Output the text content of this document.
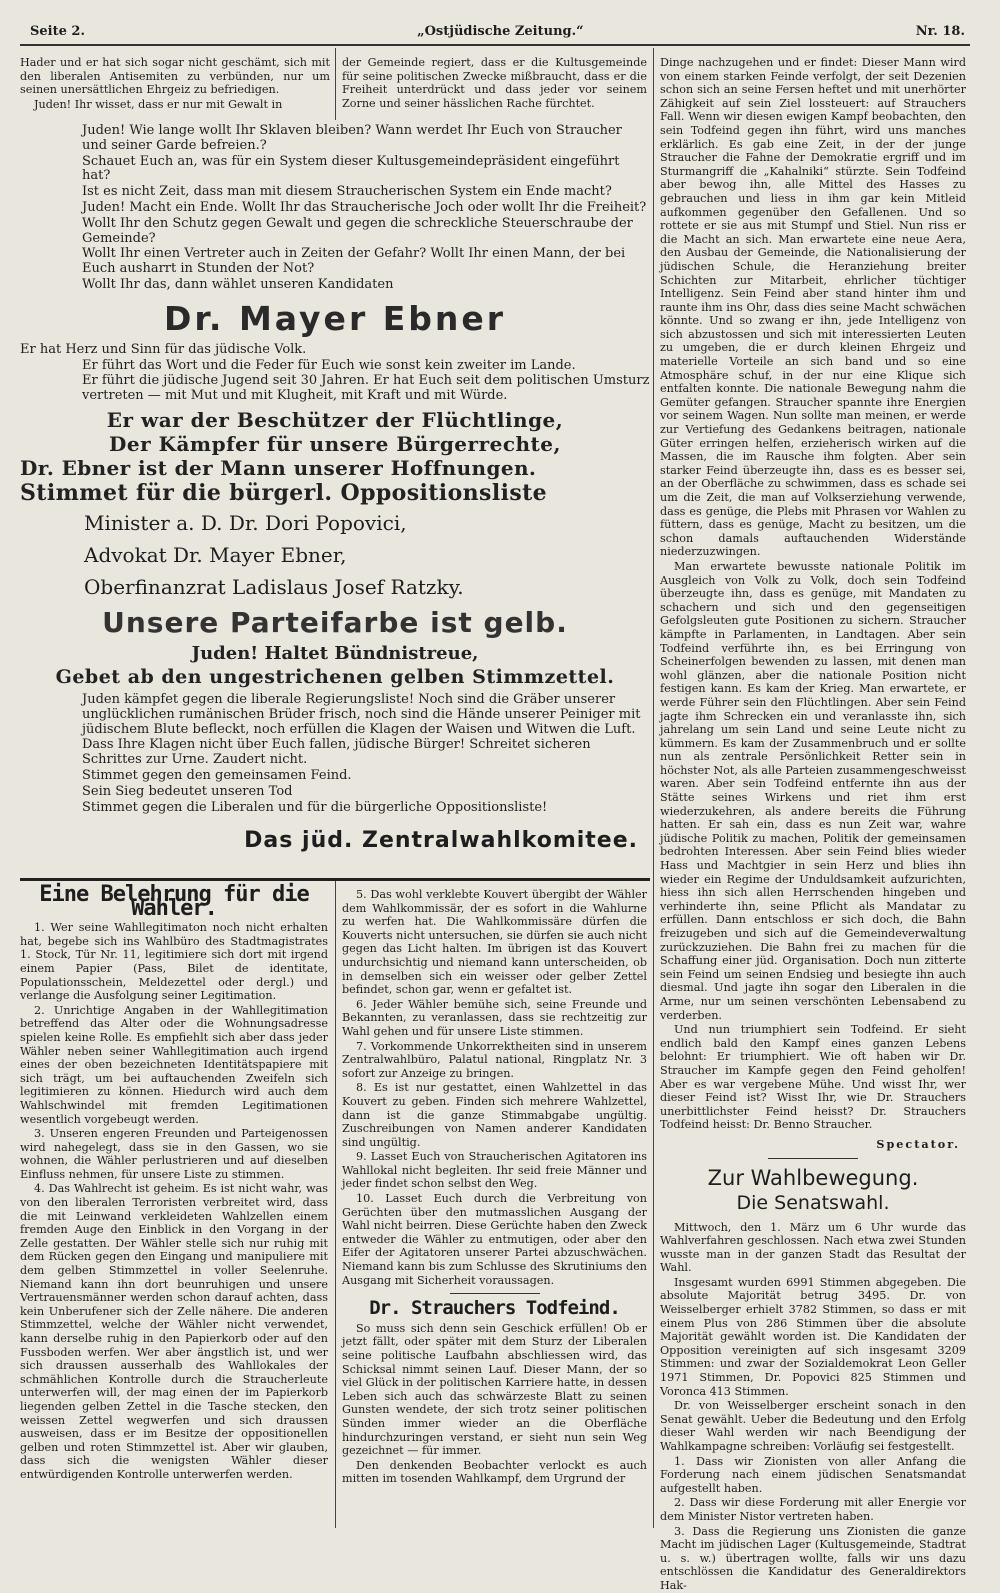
Seite 2.	„Ostjüdische Zeitung.“	Nr. 18.

Hader und er hat sich sogar nicht geschämt, sich mit den liberalen Antisemiten zu verbünden, nur um seinen unersättlichen Ehrgeiz zu befriedigen.

Juden! Ihr wisset, dass er nur mit Gewalt in

der Gemeinde regiert, dass er die Kultusgemeinde für seine politischen Zwecke mißbraucht, dass er die Freiheit unterdrückt und dass jeder vor seinem Zorne und seiner hässlichen Rache fürchtet.

Juden! Wie lange wollt Ihr Sklaven bleiben? Wann werdet Ihr Euch von Straucher und seiner Garde befreien.?

Schauet Euch an, was für ein System dieser Kultusgemeindepräsident eingeführt hat?

Ist es nicht Zeit, dass man mit diesem Straucherischen System ein Ende macht?

Juden! Macht ein Ende. Wollt Ihr das Straucherische Joch oder wollt Ihr die Freiheit?

Wollt Ihr den Schutz gegen Gewalt und gegen die schreckliche Steuerschraube der Gemeinde?

Wollt Ihr einen Vertreter auch in Zeiten der Gefahr? Wollt Ihr einen Mann, der bei Euch ausharrt in Stunden der Not?

Wollt Ihr das, dann wählet unseren Kandidaten

Dr. Mayer Ebner

Er hat Herz und Sinn für das jüdische Volk.

Er führt das Wort und die Feder für Euch wie sonst kein zweiter im Lande.

Er führt die jüdische Jugend seit 30 Jahren. Er hat Euch seit dem politischen Umsturz vertreten — mit Mut und mit Klugheit, mit Kraft und mit Würde.

Er war der Beschützer der Flüchtlinge,
Der Kämpfer für unsere Bürgerrechte,
Dr. Ebner ist der Mann unserer Hoffnungen.
Stimmet für die bürgerl. Oppositionsliste
Minister a. D. Dr. Dori Popovici,
Advokat Dr. Mayer Ebner,
Oberfinanzrat Ladislaus Josef Ratzky.
Unsere Parteifarbe ist gelb.
Juden! Haltet Bündnistreue,
Gebet ab den ungestrichenen gelben Stimmzettel.

Juden kämpfet gegen die liberale Regierungsliste! Noch sind die Gräber unserer unglücklichen rumänischen Brüder frisch, noch sind die Hände unserer Peiniger mit jüdischem Blute befleckt, noch erfüllen die Klagen der Waisen und Witwen die Luft.

Dass Ihre Klagen nicht über Euch fallen, jüdische Bürger! Schreitet sicheren Schrittes zur Urne. Zaudert nicht.

Stimmet gegen den gemeinsamen Feind.

Sein Sieg bedeutet unseren Tod

Stimmet gegen die Liberalen und für die bürgerliche Oppositionsliste!

Das jüd. Zentralwahlkomitee.
Eine Belehrung für die Wähler.

1. Wer seine Wahllegitimaton noch nicht erhalten hat, begebe sich ins Wahlbüro des Stadtmagistrates 1. Stock, Tür Nr. 11, legitimiere sich dort mit irgend einem Papier (Pass, Bilet de identitate, Populationsschein, Meldezettel oder dergl.) und verlange die Ausfolgung seiner Legitimation.

2. Unrichtige Angaben in der Wahllegitimation betreffend das Alter oder die Wohnungsadresse spielen keine Rolle. Es empfiehlt sich aber dass jeder Wähler neben seiner Wahllegitimation auch irgend eines der oben bezeichneten Identitätspapiere mit sich trägt, um bei auftauchenden Zweifeln sich legitimieren zu können. Hiedurch wird auch dem Wahlschwindel mit fremden Legitimationen wesentlich vorgebeugt werden.

3. Unseren engeren Freunden und Parteigenossen wird nahegelegt, dass sie in den Gassen, wo sie wohnen, die Wähler perlustrieren und auf dieselben Einfluss nehmen, für unsere Liste zu stimmen.

4. Das Wahlrecht ist geheim. Es ist nicht wahr, was von den liberalen Terroristen verbreitet wird, dass die mit Leinwand verkleideten Wahlzellen einem fremden Auge den Einblick in den Vorgang in der Zelle gestatten. Der Wähler stelle sich nur ruhig mit dem Rücken gegen den Eingang und manipuliere mit dem gelben Stimmzettel in voller Seelenruhe. Niemand kann ihn dort beunruhigen und unsere Vertrauensmänner werden schon darauf achten, dass kein Unberufener sich der Zelle nähere. Die anderen Stimmzettel, welche der Wähler nicht verwendet, kann derselbe ruhig in den Papierkorb oder auf den Fussboden werfen. Wer aber ängstlich ist, und wer sich draussen ausserhalb des Wahllokales der schmählichen Kontrolle durch die Straucherleute unterwerfen will, der mag einen der im Papierkorb liegenden gelben Zettel in die Tasche stecken, den weissen Zettel wegwerfen und sich draussen ausweisen, dass er im Besitze der oppositionellen gelben und roten Stimmzettel ist. Aber wir glauben, dass sich die wenigsten Wähler dieser entwürdigenden Kontrolle unterwerfen werden.

5. Das wohl verklebte Kouvert übergibt der Wähler dem Wahlkommissär, der es sofort in die Wahlurne zu werfen hat. Die Wahlkommissäre dürfen die Kouverts nicht untersuchen, sie dürfen sie auch nicht gegen das Licht halten. Im übrigen ist das Kouvert undurchsichtig und niemand kann unterscheiden, ob in demselben sich ein weisser oder gelber Zettel befindet, schon gar, wenn er gefaltet ist.

6. Jeder Wähler bemühe sich, seine Freunde und Bekannten, zu veranlassen, dass sie rechtzeitig zur Wahl gehen und für unsere Liste stimmen.

7. Vorkommende Unkorrektheiten sind in unserem Zentralwahlbüro, Palatul national, Ringplatz Nr. 3 sofort zur Anzeige zu bringen.

8. Es ist nur gestattet, einen Wahlzettel in das Kouvert zu geben. Finden sich mehrere Wahlzettel, dann ist die ganze Stimmabgabe ungültig. Zuschreibungen von Namen anderer Kandidaten sind ungültig.

9. Lasset Euch von Straucherischen Agitatoren ins Wahllokal nicht begleiten. Ihr seid freie Männer und jeder findet schon selbst den Weg.

10. Lasset Euch durch die Verbreitung von Gerüchten über den mutmasslichen Ausgang der Wahl nicht beirren. Diese Gerüchte haben den Zweck entweder die Wähler zu entmutigen, oder aber den Eifer der Agitatoren unserer Partei abzuschwächen. Niemand kann bis zum Schlusse des Skrutiniums den Ausgang mit Sicherheit voraussagen.

Dr. Strauchers Todfeind.

So muss sich denn sein Geschick erfüllen! Ob er jetzt fällt, oder später mit dem Sturz der Liberalen seine politische Laufbahn abschliessen wird, das Schicksal nimmt seinen Lauf. Dieser Mann, der so viel Glück in der politischen Karriere hatte, in dessen Leben sich auch das schwärzeste Blatt zu seinen Gunsten wendete, der sich trotz seiner politischen Sünden immer wieder an die Oberfläche hindurchzuringen verstand, er sieht nun sein Weg gezeichnet — für immer.

Den denkenden Beobachter verlockt es auch mitten im tosenden Wahlkampf, dem Urgrund der

Dinge nachzugehen und er findet: Dieser Mann wird von einem starken Feinde verfolgt, der seit Dezenien schon sich an seine Fersen heftet und mit unerhörter Zähigkeit auf sein Ziel lossteuert: auf Strauchers Fall. Wenn wir diesen ewigen Kampf beobachten, den sein Todfeind gegen ihn führt, wird uns manches erklärlich. Es gab eine Zeit, in der der junge Straucher die Fahne der Demokratie ergriff und im Sturmangriff die „Kahalniki“ stürzte. Sein Todfeind aber bewog ihn, alle Mittel des Hasses zu gebrauchen und liess in ihm gar kein Mitleid aufkommen gegenüber den Gefallenen. Und so rottete er sie aus mit Stumpf und Stiel. Nun riss er die Macht an sich. Man erwartete eine neue Aera, den Ausbau der Gemeinde, die Nationalisierung der jüdischen Schule, die Heranziehung breiter Schichten zur Mitarbeit, ehrlicher tüchtiger Intelligenz. Sein Feind aber stand hinter ihm und raunte ihm ins Ohr, dass dies seine Macht schwächen könnte. Und so zwang er ihn, jede Intelligenz von sich abzustossen und sich mit interessierten Leuten zu umgeben, die er durch kleinen Ehrgeiz und materielle Vorteile an sich band und so eine Atmosphäre schuf, in der nur eine Klique sich entfalten konnte. Die nationale Bewegung nahm die Gemüter gefangen. Straucher spannte ihre Energien vor seinem Wagen. Nun sollte man meinen, er werde zur Vertiefung des Gedankens beitragen, nationale Güter erringen helfen, erzieherisch wirken auf die Massen, die im Rausche ihm folgten. Aber sein starker Feind überzeugte ihn, dass es es besser sei, an der Oberfläche zu schwimmen, dass es schade sei um die Zeit, die man auf Volkserziehung verwende, dass es genüge, die Plebs mit Phrasen vor Wahlen zu füttern, dass es genüge, Macht zu besitzen, um die schon damals auftauchenden Widerstände niederzuzwingen.

Man erwartete bewusste nationale Politik im Ausgleich von Volk zu Volk, doch sein Todfeind überzeugte ihn, dass es genüge, mit Mandaten zu schachern und sich und den gegenseitigen Gefolgsleuten gute Positionen zu sichern. Straucher kämpfte in Parlamenten, in Landtagen. Aber sein Todfeind verführte ihn, es bei Erringung von Scheinerfolgen bewenden zu lassen, mit denen man wohl glänzen, aber die nationale Position nicht festigen kann. Es kam der Krieg. Man erwartete, er werde Führer sein den Flüchtlingen. Aber sein Feind jagte ihm Schrecken ein und veranlasste ihn, sich jahrelang um sein Land und seine Leute nicht zu kümmern. Es kam der Zusammenbruch und er sollte nun als zentrale Persönlichkeit Retter sein in höchster Not, als alle Parteien zusammengeschweisst waren. Aber sein Todfeind entfernte ihn aus der Stätte seines Wirkens und riet ihm erst wiederzukehren, als andere bereits die Führung hatten. Er sah ein, dass es nun Zeit war, wahre jüdische Politik zu machen, Politik der gemeinsamen bedrohten Interessen. Aber sein Feind blies wieder Hass und Machtgier in sein Herz und blies ihn wieder ein Regime der Unduldsamkeit aufzurichten, hiess ihn sich allen Herrschenden hingeben und verhinderte ihn, seine Pflicht als Mandatar zu erfüllen. Dann entschloss er sich doch, die Bahn freizugeben und sich auf die Gemeindeverwaltung zurückzuziehen. Die Bahn frei zu machen für die Schaffung einer jüd. Organisation. Doch nun zitterte sein Feind um seinen Endsieg und besiegte ihn auch diesmal. Und jagte ihn sogar den Liberalen in die Arme, nur um seinen verschönten Lebensabend zu verderben.

Und nun triumphiert sein Todfeind. Er sieht endlich bald den Kampf eines ganzen Lebens belohnt: Er triumphiert. Wie oft haben wir Dr. Straucher im Kampfe gegen den Feind geholfen! Aber es war vergebene Mühe. Und wisst Ihr, wer dieser Feind ist? Wisst Ihr, wie Dr. Strauchers unerbittlichster Feind heisst? Dr. Strauchers Todfeind heisst: Dr. Benno Straucher.

Spectator.
Zur Wahlbewegung.
Die Senatswahl.

Mittwoch, den 1. März um 6 Uhr wurde das Wahlverfahren geschlossen. Nach etwa zwei Stunden wusste man in der ganzen Stadt das Resultat der Wahl.

Insgesamt wurden 6991 Stimmen abgegeben. Die absolute Majorität betrug 3495. Dr. von Weisselberger erhielt 3782 Stimmen, so dass er mit einem Plus von 286 Stimmen über die absolute Majorität gewählt worden ist. Die Kandidaten der Opposition vereinigten auf sich insgesamt 3209 Stimmen: und zwar der Sozialdemokrat Leon Geller 1971 Stimmen, Dr. Popovici 825 Stimmen und Voronca 413 Stimmen.

Dr. von Weisselberger erscheint sonach in den Senat gewählt. Ueber die Bedeutung und den Erfolg dieser Wahl werden wir nach Beendigung der Wahlkampagne schreiben: Vorläufig sei festgestellt.

1. Dass wir Zionisten von aller Anfang die Forderung nach einem jüdischen Senatsmandat aufgestellt haben.

2. Dass wir diese Forderung mit aller Energie vor dem Minister Nistor vertreten haben.

3. Dass die Regierung uns Zionisten die ganze Macht im jüdischen Lager (Kultusgemeinde, Stadtrat u. s. w.) übertragen wollte, falls wir uns dazu entschlössen die Kandidatur des Generaldirektors Hak-
